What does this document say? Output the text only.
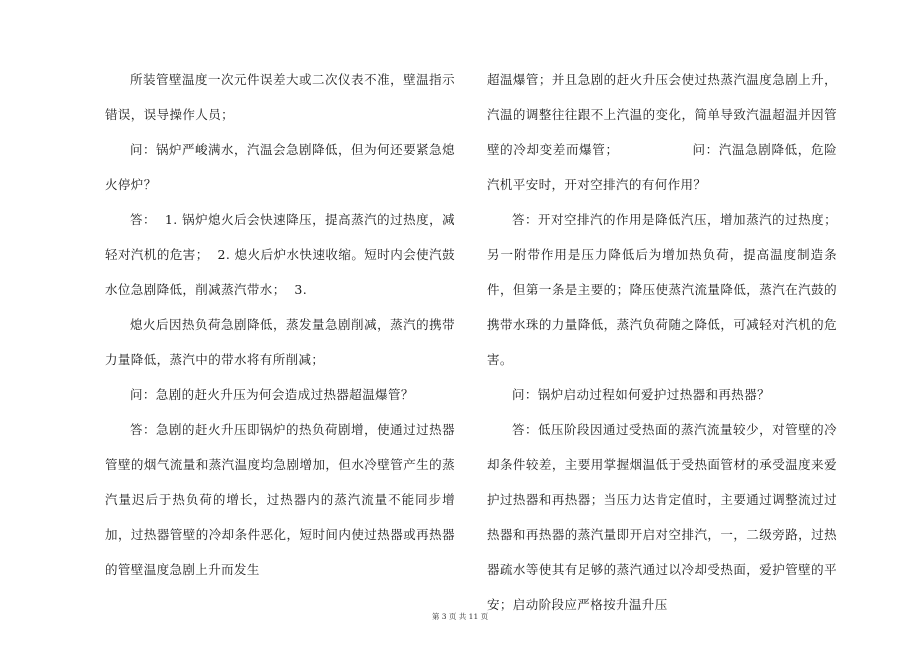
所装管壁温度一次元件误差大或二次仪表不准，壁温指示错误，误导操作人员；

问：锅炉严峻满水，汽温会急剧降低，但为何还要紧急熄火停炉？

答：  1. 锅炉熄火后会快速降压，提高蒸汽的过热度，减轻对汽机的危害；  2. 熄火后炉水快速收缩。短时内会使汽鼓水位急剧降低，削减蒸汽带水；  3.

熄火后因热负荷急剧降低，蒸发量急剧削减，蒸汽的携带力量降低，蒸汽中的带水将有所削减；

问：急剧的赶火升压为何会造成过热器超温爆管？

答：急剧的赶火升压即锅炉的热负荷剧增，使通过过热器管壁的烟气流量和蒸汽温度均急剧增加，但水冷壁管产生的蒸汽量迟后于热负荷的增长，过热器内的蒸汽流量不能同步增加，过热器管壁的冷却条件恶化，短时间内使过热器或再热器的管壁温度急剧上升而发生

超温爆管；并且急剧的赶火升压会使过热蒸汽温度急剧上升，汽温的调整往往跟不上汽温的变化，简单导致汽温超温并因管壁的冷却变差而爆管；                问：汽温急剧降低，危险汽机平安时，开对空排汽的有何作用？

答：开对空排汽的作用是降低汽压，增加蒸汽的过热度；另一附带作用是压力降低后为增加热负荷，提高温度制造条件，但第一条是主要的；降压使蒸汽流量降低，蒸汽在汽鼓的携带水珠的力量降低，蒸汽负荷随之降低，可减轻对汽机的危害。

问：锅炉启动过程如何爱护过热器和再热器？

答：低压阶段因通过受热面的蒸汽流量较少，对管壁的冷却条件较差，主要用掌握烟温低于受热面管材的承受温度来爱护过热器和再热器；当压力达肯定值时，主要通过调整流过过热器和再热器的蒸汽量即开启对空排汽，一，二级旁路，过热器疏水等使其有足够的蒸汽通过以冷却受热面，爱护管壁的平安；启动阶段应严格按升温升压

第 3 页 共 11 页
